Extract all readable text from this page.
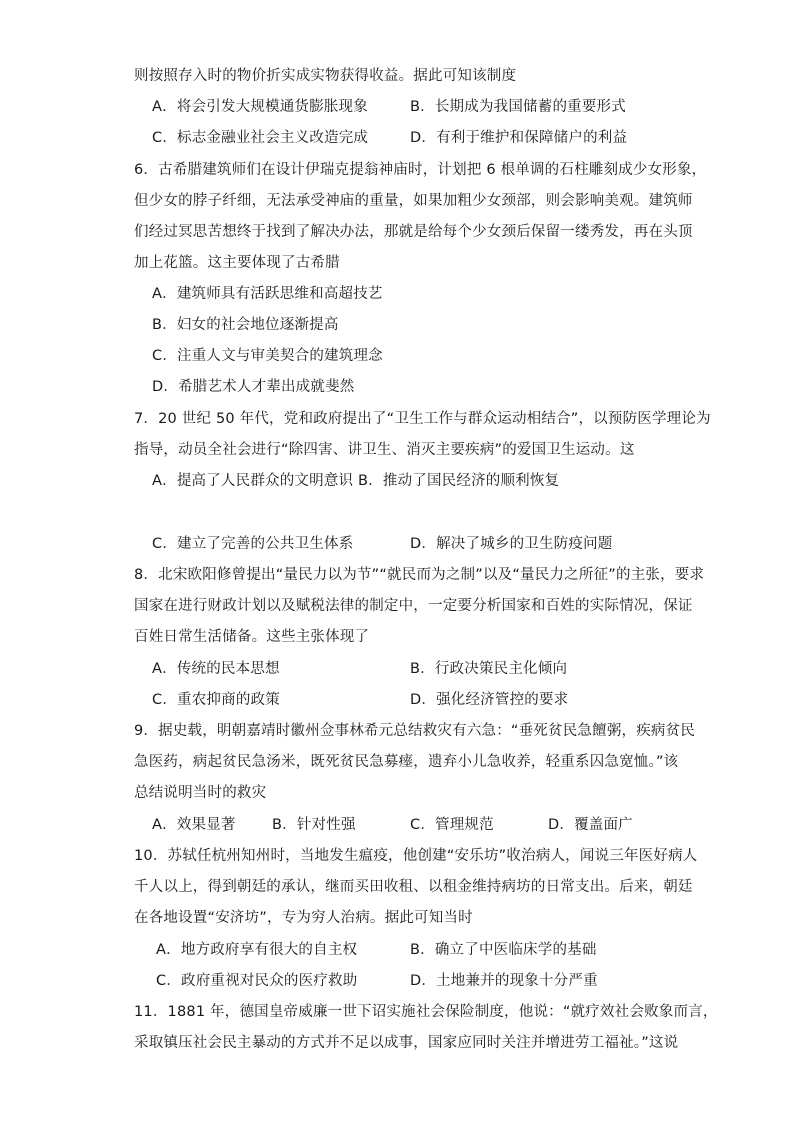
则按照存入时的物价折实成实物获得收益。据此可知该制度
A．将会引发大规模通货膨胀现象	B．长期成为我国储蓄的重要形式
C．标志金融业社会主义改造完成	D．有利于维护和保障储户的利益
6．古希腊建筑师们在设计伊瑞克提翁神庙时，计划把 6 根单调的石柱雕刻成少女形象，
但少女的脖子纤细，无法承受神庙的重量，如果加粗少女颈部，则会影响美观。建筑师
们经过冥思苦想终于找到了解决办法，那就是给每个少女颈后保留一缕秀发，再在头顶
加上花篮。这主要体现了古希腊
A．建筑师具有活跃思维和高超技艺
B．妇女的社会地位逐渐提高
C．注重人文与审美契合的建筑理念
D．希腊艺术人才辈出成就斐然
7．20 世纪 50 年代，党和政府提出了“卫生工作与群众运动相结合”，以预防医学理论为
指导，动员全社会进行“除四害、讲卫生、消灭主要疾病”的爱国卫生运动。这
A．提高了人民群众的文明意识 B．推动了国民经济的顺利恢复
C．建立了完善的公共卫生体系	D．解决了城乡的卫生防疫问题
8．北宋欧阳修曾提出“量民力以为节”“就民而为之制”以及“量民力之所征”的主张，要求
国家在进行财政计划以及赋税法律的制定中，一定要分析国家和百姓的实际情况，保证
百姓日常生活储备。这些主张体现了
A．传统的民本思想	B．行政决策民主化倾向
C．重农抑商的政策	D．强化经济管控的要求
9．据史载，明朝嘉靖时徽州佥事林希元总结救灾有六急：“垂死贫民急饘粥，疾病贫民
急医药，病起贫民急汤米，既死贫民急募瘗，遗弃小儿急收养，轻重系囚急宽恤。”该
总结说明当时的救灾
A．效果显著	B．针对性强	C．管理规范	D．覆盖面广
10．苏轼任杭州知州时，当地发生瘟疫，他创建“安乐坊”收治病人，闻说三年医好病人
千人以上，得到朝廷的承认，继而买田收租、以租金维持病坊的日常支出。后来，朝廷
在各地设置“安济坊”，专为穷人治病。据此可知当时
A．地方政府享有很大的自主权	B．确立了中医临床学的基础
C．政府重视对民众的医疗救助	D．土地兼并的现象十分严重
11．1881 年，德国皇帝威廉一世下诏实施社会保险制度，他说：“就疗效社会败象而言，
采取镇压社会民主暴动的方式并不足以成事，国家应同时关注并增进劳工福祉。”这说
